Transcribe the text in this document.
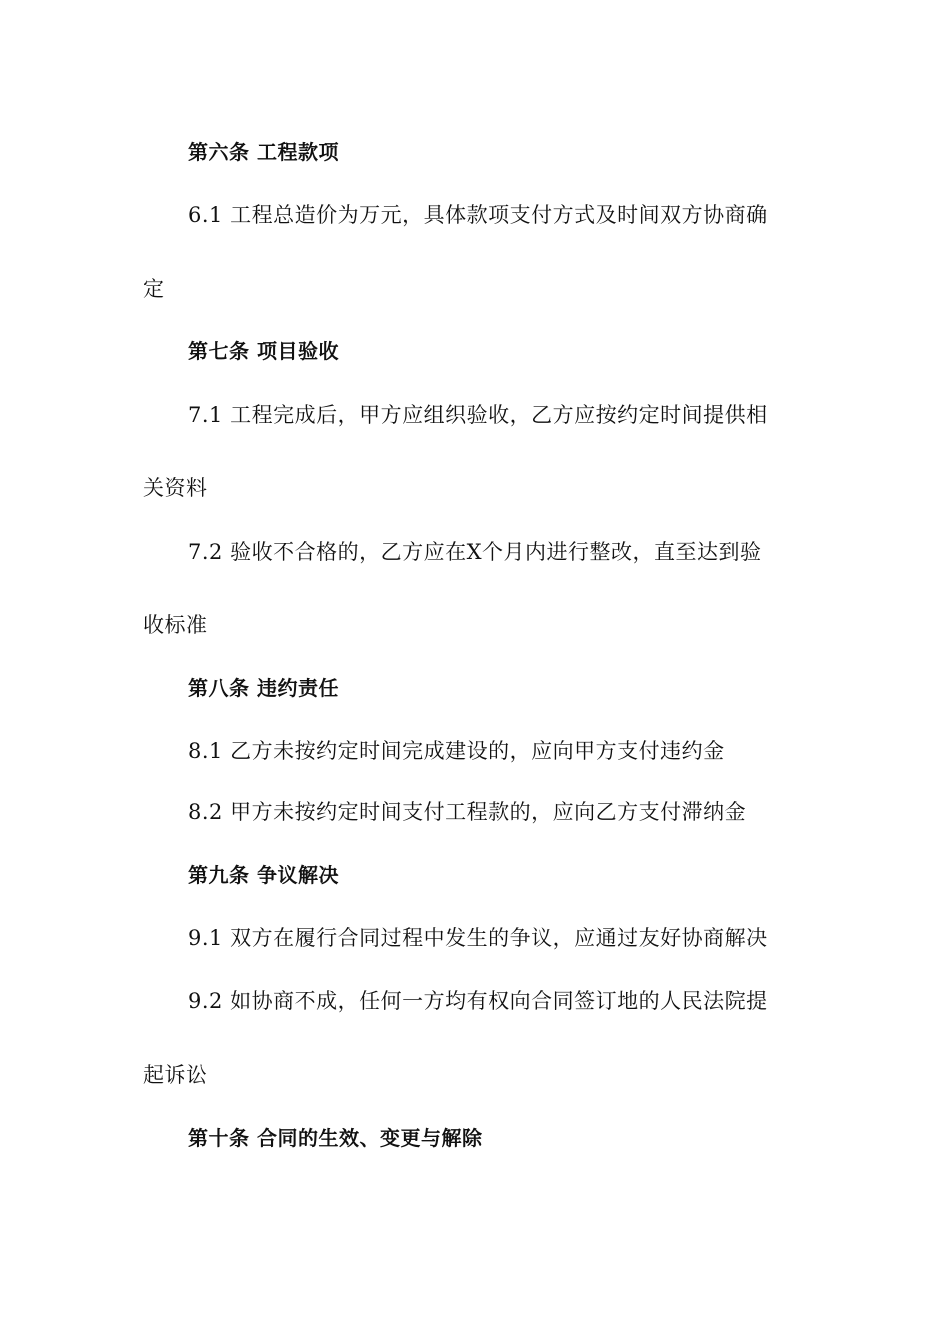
第六条 工程款项
6.1 工程总造价为万元，具体款项支付方式及时间双方协商确
定
第七条 项目验收
7.1 工程完成后，甲方应组织验收，乙方应按约定时间提供相
关资料
7.2 验收不合格的，乙方应在X个月内进行整改，直至达到验
收标准
第八条 违约责任
8.1 乙方未按约定时间完成建设的，应向甲方支付违约金
8.2 甲方未按约定时间支付工程款的，应向乙方支付滞纳金
第九条 争议解决
9.1 双方在履行合同过程中发生的争议，应通过友好协商解决
9.2 如协商不成，任何一方均有权向合同签订地的人民法院提
起诉讼
第十条 合同的生效、变更与解除
